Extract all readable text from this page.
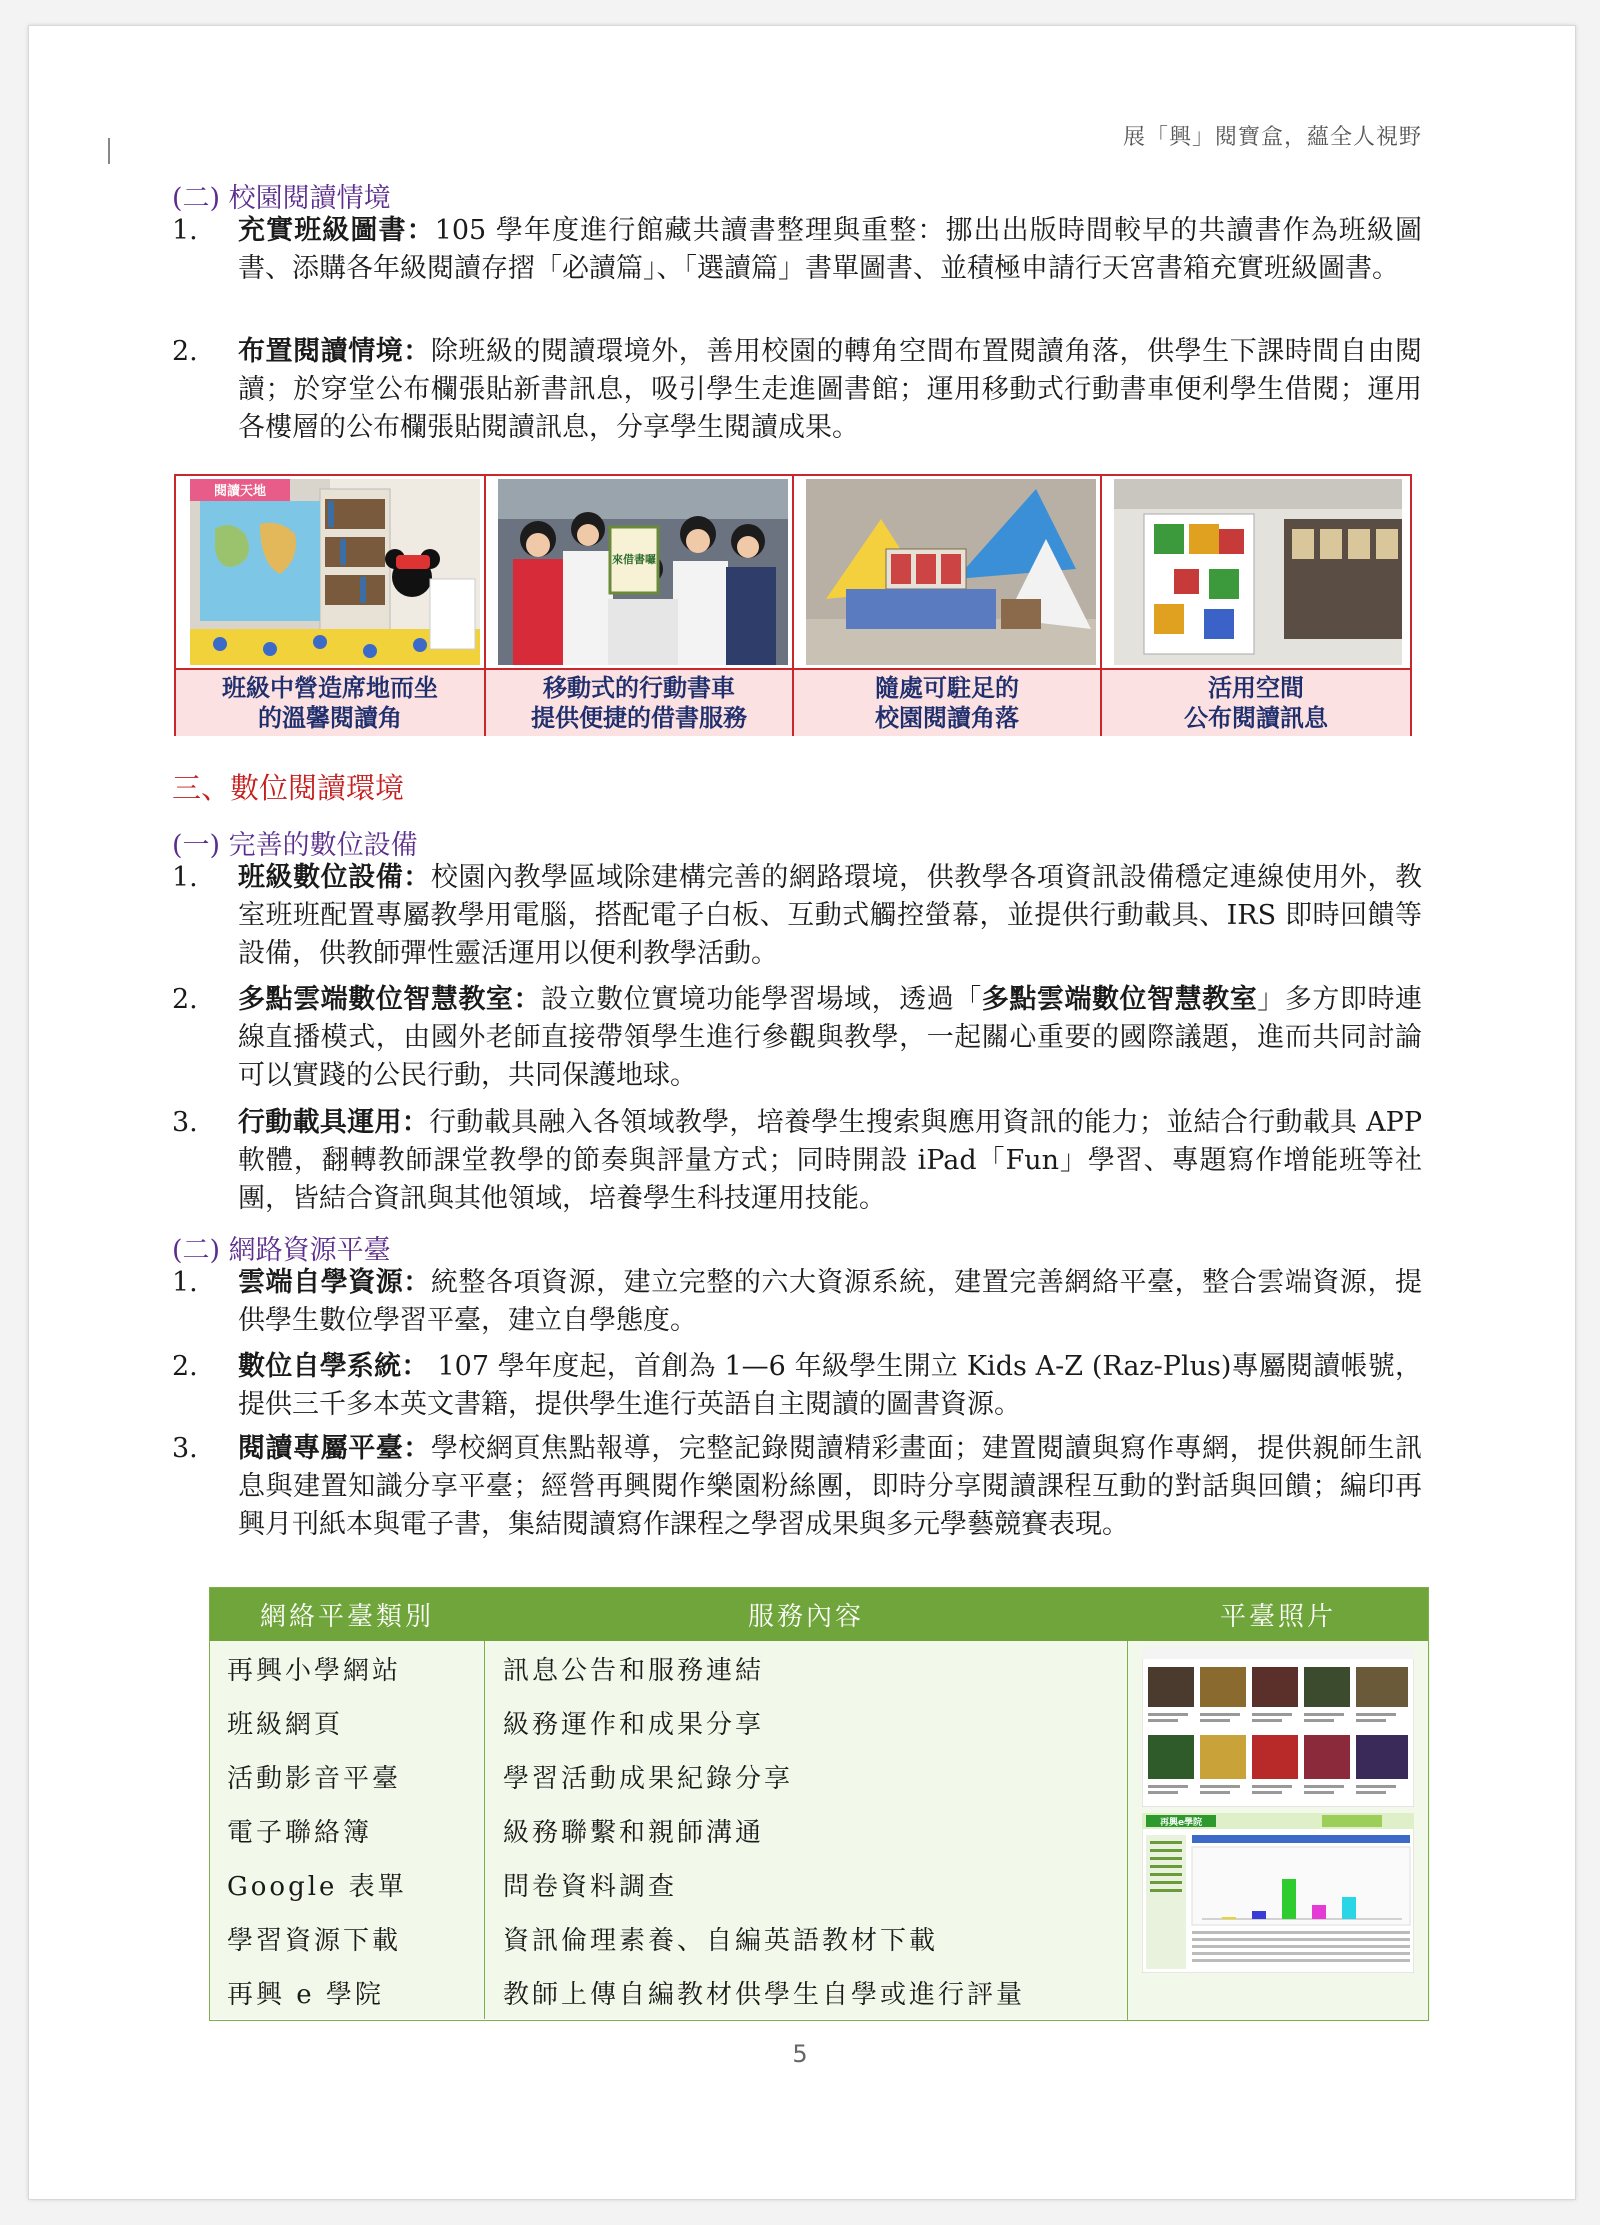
展「興」閱寶盒，蘊全人視野
(二) 校園閱讀情境
1. 充實班級圖書：105 學年度進行館藏共讀書整理與重整：挪出出版時間較早的共讀書作為班級圖書、添購各年級閱讀存摺「必讀篇」、「選讀篇」書單圖書、並積極申請行天宮書箱充實班級圖書。
2. 布置閱讀情境：除班級的閱讀環境外，善用校園的轉角空間布置閱讀角落，供學生下課時間自由閱讀；於穿堂公布欄張貼新書訊息，吸引學生走進圖書館；運用移動式行動書車便利學生借閱；運用各樓層的公布欄張貼閱讀訊息，分享學生閱讀成果。
閱讀天地
來借書囉
班級中營造席地而坐
的溫馨閱讀角
移動式的行動書車
提供便捷的借書服務
隨處可駐足的
校園閱讀角落
活用空間
公布閱讀訊息
三、數位閱讀環境
(一) 完善的數位設備
1. 班級數位設備：校園內教學區域除建構完善的網路環境，供教學各項資訊設備穩定連線使用外，教室班班配置專屬教學用電腦，搭配電子白板、互動式觸控螢幕，並提供行動載具、IRS 即時回饋等設備，供教師彈性靈活運用以便利教學活動。
2. 多點雲端數位智慧教室：設立數位實境功能學習場域，透過「多點雲端數位智慧教室」多方即時連線直播模式，由國外老師直接帶領學生進行參觀與教學，一起關心重要的國際議題，進而共同討論可以實踐的公民行動，共同保護地球。
3. 行動載具運用：行動載具融入各領域教學，培養學生搜索與應用資訊的能力；並結合行動載具 APP 軟體，翻轉教師課堂教學的節奏與評量方式；同時開設 iPad「Fun」學習、專題寫作增能班等社團，皆結合資訊與其他領域，培養學生科技運用技能。
(二) 網路資源平臺
1. 雲端自學資源：統整各項資源，建立完整的六大資源系統，建置完善網絡平臺，整合雲端資源，提供學生數位學習平臺，建立自學態度。
2. 數位自學系統： 107 學年度起，首創為 1—6 年級學生開立 Kids A-Z (Raz-Plus)專屬閱讀帳號，提供三千多本英文書籍，提供學生進行英語自主閱讀的圖書資源。
3. 閱讀專屬平臺：學校網頁焦點報導，完整記錄閱讀精彩畫面；建置閱讀與寫作專網，提供親師生訊息與建置知識分享平臺；經營再興閱作樂園粉絲團，即時分享閱讀課程互動的對話與回饋；編印再興月刊紙本與電子書，集結閱讀寫作課程之學習成果與多元學藝競賽表現。
網絡平臺類別	服務內容	平臺照片
再興小學網站	訊息公告和服務連結
班級網頁	級務運作和成果分享
活動影音平臺	學習活動成果紀錄分享
電子聯絡簿	級務聯繫和親師溝通
Google 表單	問卷資料調查
學習資源下載	資訊倫理素養、自編英語教材下載
再興 e 學院	教師上傳自編教材供學生自學或進行評量
再興e學院
5
